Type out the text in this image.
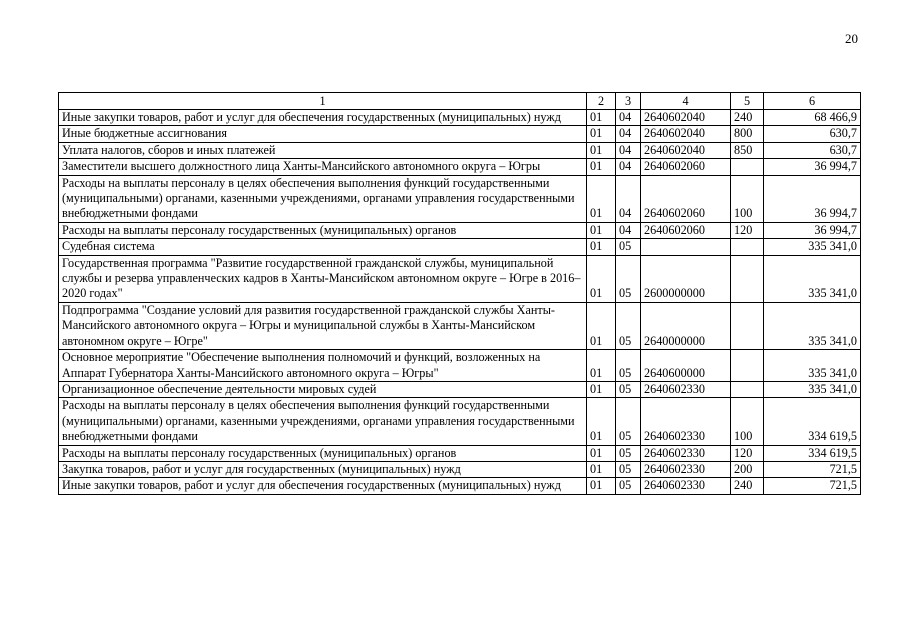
20
1	2	3	4	5	6
Иные закупки товаров, работ и услуг для обеспечения государственных (муниципальных) нужд	01	04	2640602040	240	68 466,9
Иные бюджетные ассигнования	01	04	2640602040	800	630,7
Уплата налогов, сборов и иных платежей	01	04	2640602040	850	630,7
Заместители высшего должностного лица Ханты-Мансийского автономного округа – Югры	01	04	2640602060		36 994,7
Расходы на выплаты персоналу в целях обеспечения выполнения функций государственными (муниципальными) органами, казенными учреждениями, органами управления государственными внебюджетными фондами	01	04	2640602060	100	36 994,7
Расходы на выплаты персоналу государственных (муниципальных) органов	01	04	2640602060	120	36 994,7
Судебная система	01	05			335 341,0
Государственная программа "Развитие государственной гражданской службы, муниципальной службы и резерва управленческих кадров в Ханты-Мансийском автономном округе – Югре в 2016–2020 годах"	01	05	2600000000		335 341,0
Подпрограмма "Создание условий для развития государственной гражданской службы Ханты-Мансийского автономного округа – Югры и муниципальной службы в Ханты-Мансийском автономном округе – Югре"	01	05	2640000000		335 341,0
Основное мероприятие "Обеспечение выполнения полномочий и функций, возложенных на Аппарат Губернатора Ханты-Мансийского автономного округа – Югры"	01	05	2640600000		335 341,0
Организационное обеспечение деятельности мировых судей	01	05	2640602330		335 341,0
Расходы на выплаты персоналу в целях обеспечения выполнения функций государственными (муниципальными) органами, казенными учреждениями, органами управления государственными внебюджетными фондами	01	05	2640602330	100	334 619,5
Расходы на выплаты персоналу государственных (муниципальных) органов	01	05	2640602330	120	334 619,5
Закупка товаров, работ и услуг для государственных (муниципальных) нужд	01	05	2640602330	200	721,5
Иные закупки товаров, работ и услуг для обеспечения государственных (муниципальных) нужд	01	05	2640602330	240	721,5
